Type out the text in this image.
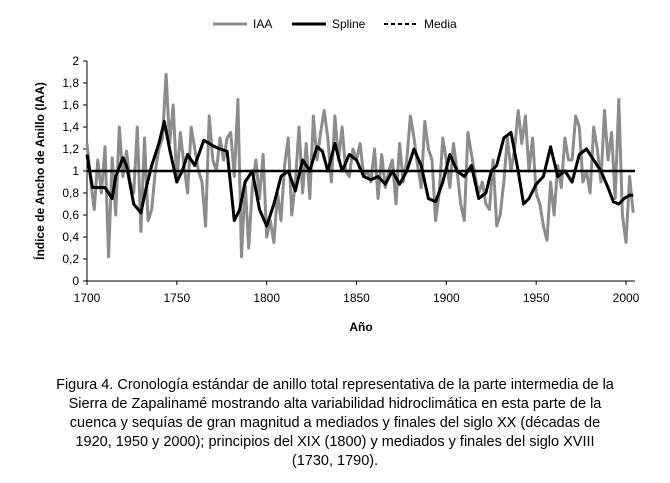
IAA	Spline	Media
0
0,2
0,4
0,6
0,8
1
1,2
1,4
1,6
1,8
2
1700	1750	1800	1850	1900	1950	2000
Año
Índice de Ancho de Anillo (IAA)
Figura 4. Cronología estándar de anillo total representativa de la parte intermedia de la
Sierra de Zapalinamé mostrando alta variabilidad hidroclimática en esta parte de la
cuenca y sequías de gran magnitud a mediados y finales del siglo XX (décadas de
1920, 1950 y 2000); principios del XIX (1800) y mediados y finales del siglo XVIII
(1730, 1790).
